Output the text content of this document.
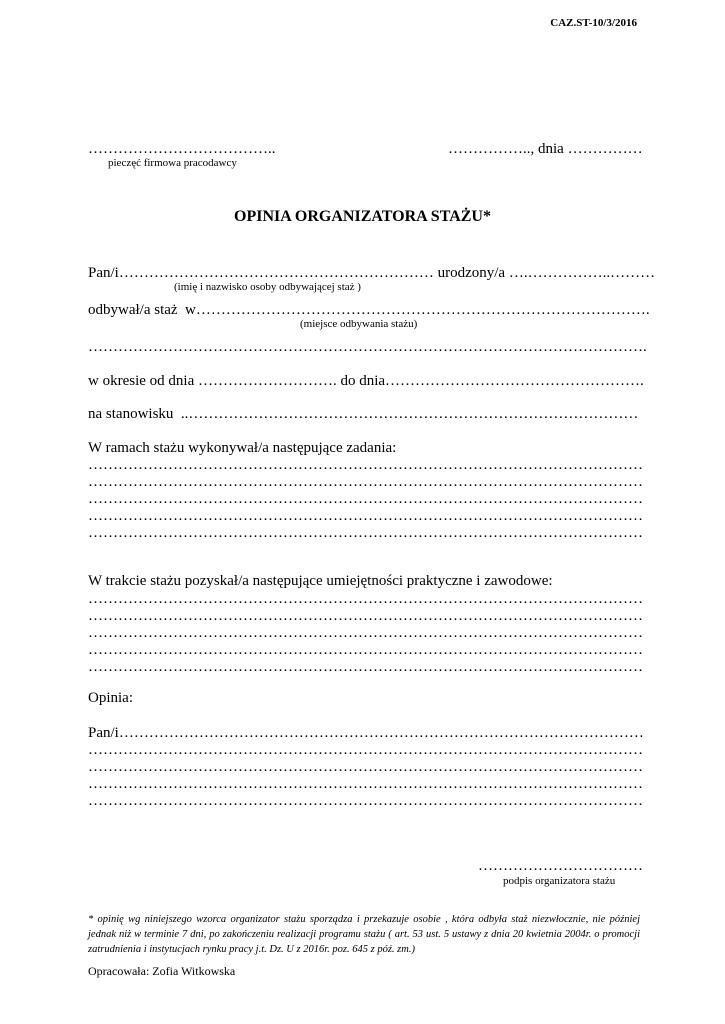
CAZ.ST-10/3/2016
………………………………..
pieczęć firmowa pracodawcy
…………….., dnia ……………
OPINIA ORGANIZATORA STAŻU*
Pan/i……………………………………………………… urodzony/a ….……………..………
(imię i nazwisko osoby odbywającej staż )
odbywał/a staż  w……………………………………………………………………………….
(miejsce odbywania stażu)
………………………………………………………………………………………………….
w okresie od dnia ………………………. do dnia…………………………………………….
na stanowisku  ..………………………………………………………………………………
W ramach stażu wykonywał/a następujące zadania:
…………………………………………………………………………………………………
…………………………………………………………………………………………………
…………………………………………………………………………………………………
…………………………………………………………………………………………………
…………………………………………………………………………………………………
W trakcie stażu pozyskał/a następujące umiejętności praktyczne i zawodowe:
…………………………………………………………………………………………………
…………………………………………………………………………………………………
…………………………………………………………………………………………………
…………………………………………………………………………………………………
…………………………………………………………………………………………………
Opinia:
Pan/i……………………………………………………………………………………………
…………………………………………………………………………………………………
…………………………………………………………………………………………………
…………………………………………………………………………………………………
…………………………………………………………………………………………………
……………………………
podpis organizatora stażu
* opinię wg niniejszego wzorca organizator stażu sporządza i przekazuje osobie , która odbyła staż niezwłocznie, nie później jednak niż w terminie 7 dni, po zakończeniu realizacji programu stażu ( art. 53 ust. 5 ustawy z dnia 20 kwietnia 2004r. o promocji zatrudnienia i instytucjach rynku pracy j.t. Dz. U z 2016r. poz. 645 z póź. zm.)
Opracowała: Zofia Witkowska
